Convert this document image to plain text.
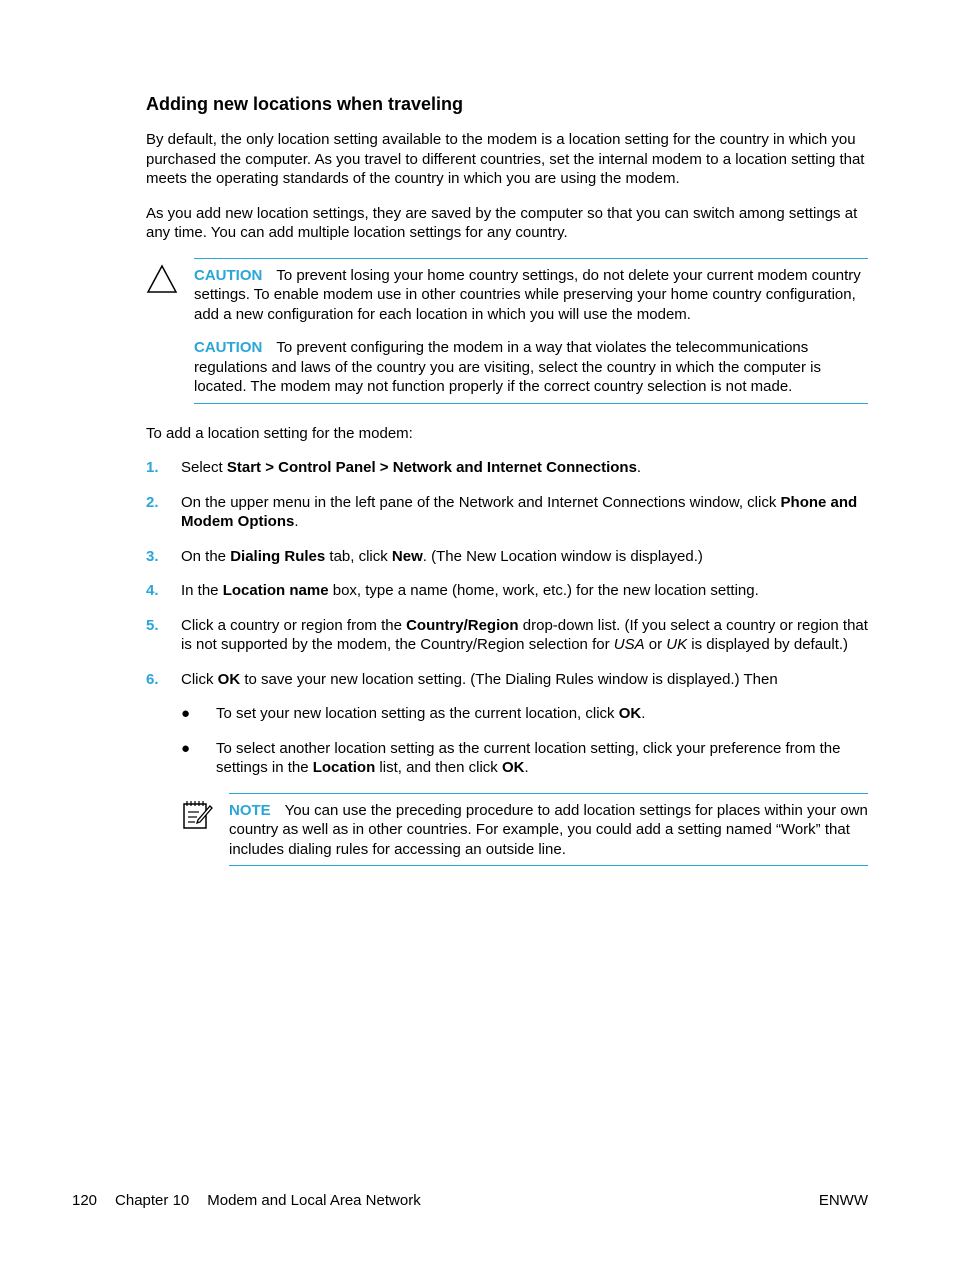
Adding new locations when traveling

By default, the only location setting available to the modem is a location setting for the country in which you purchased the computer. As you travel to different countries, set the internal modem to a location setting that meets the operating standards of the country in which you are using the modem.

As you add new location settings, they are saved by the computer so that you can switch among settings at any time. You can add multiple location settings for any country.

CAUTION To prevent losing your home country settings, do not delete your current modem country settings. To enable modem use in other countries while preserving your home country configuration, add a new configuration for each location in which you will use the modem.

CAUTION To prevent configuring the modem in a way that violates the telecommunications regulations and laws of the country you are visiting, select the country in which the computer is located. The modem may not function properly if the correct country selection is not made.

To add a location setting for the modem:

1. Select Start > Control Panel > Network and Internet Connections.
2. On the upper menu in the left pane of the Network and Internet Connections window, click Phone and Modem Options.
3. On the Dialing Rules tab, click New. (The New Location window is displayed.)
4. In the Location name box, type a name (home, work, etc.) for the new location setting.
5. Click a country or region from the Country/Region drop-down list. (If you select a country or region that is not supported by the modem, the Country/Region selection for USA or UK is displayed by default.)
6. Click OK to save your new location setting. (The Dialing Rules window is displayed.) Then
● To set your new location setting as the current location, click OK.
● To select another location setting as the current location setting, click your preference from the settings in the Location list, and then click OK.

NOTE You can use the preceding procedure to add location settings for places within your own country as well as in other countries. For example, you could add a setting named “Work” that includes dialing rules for accessing an outside line.

120 Chapter 10 Modem and Local Area Network	ENWW
